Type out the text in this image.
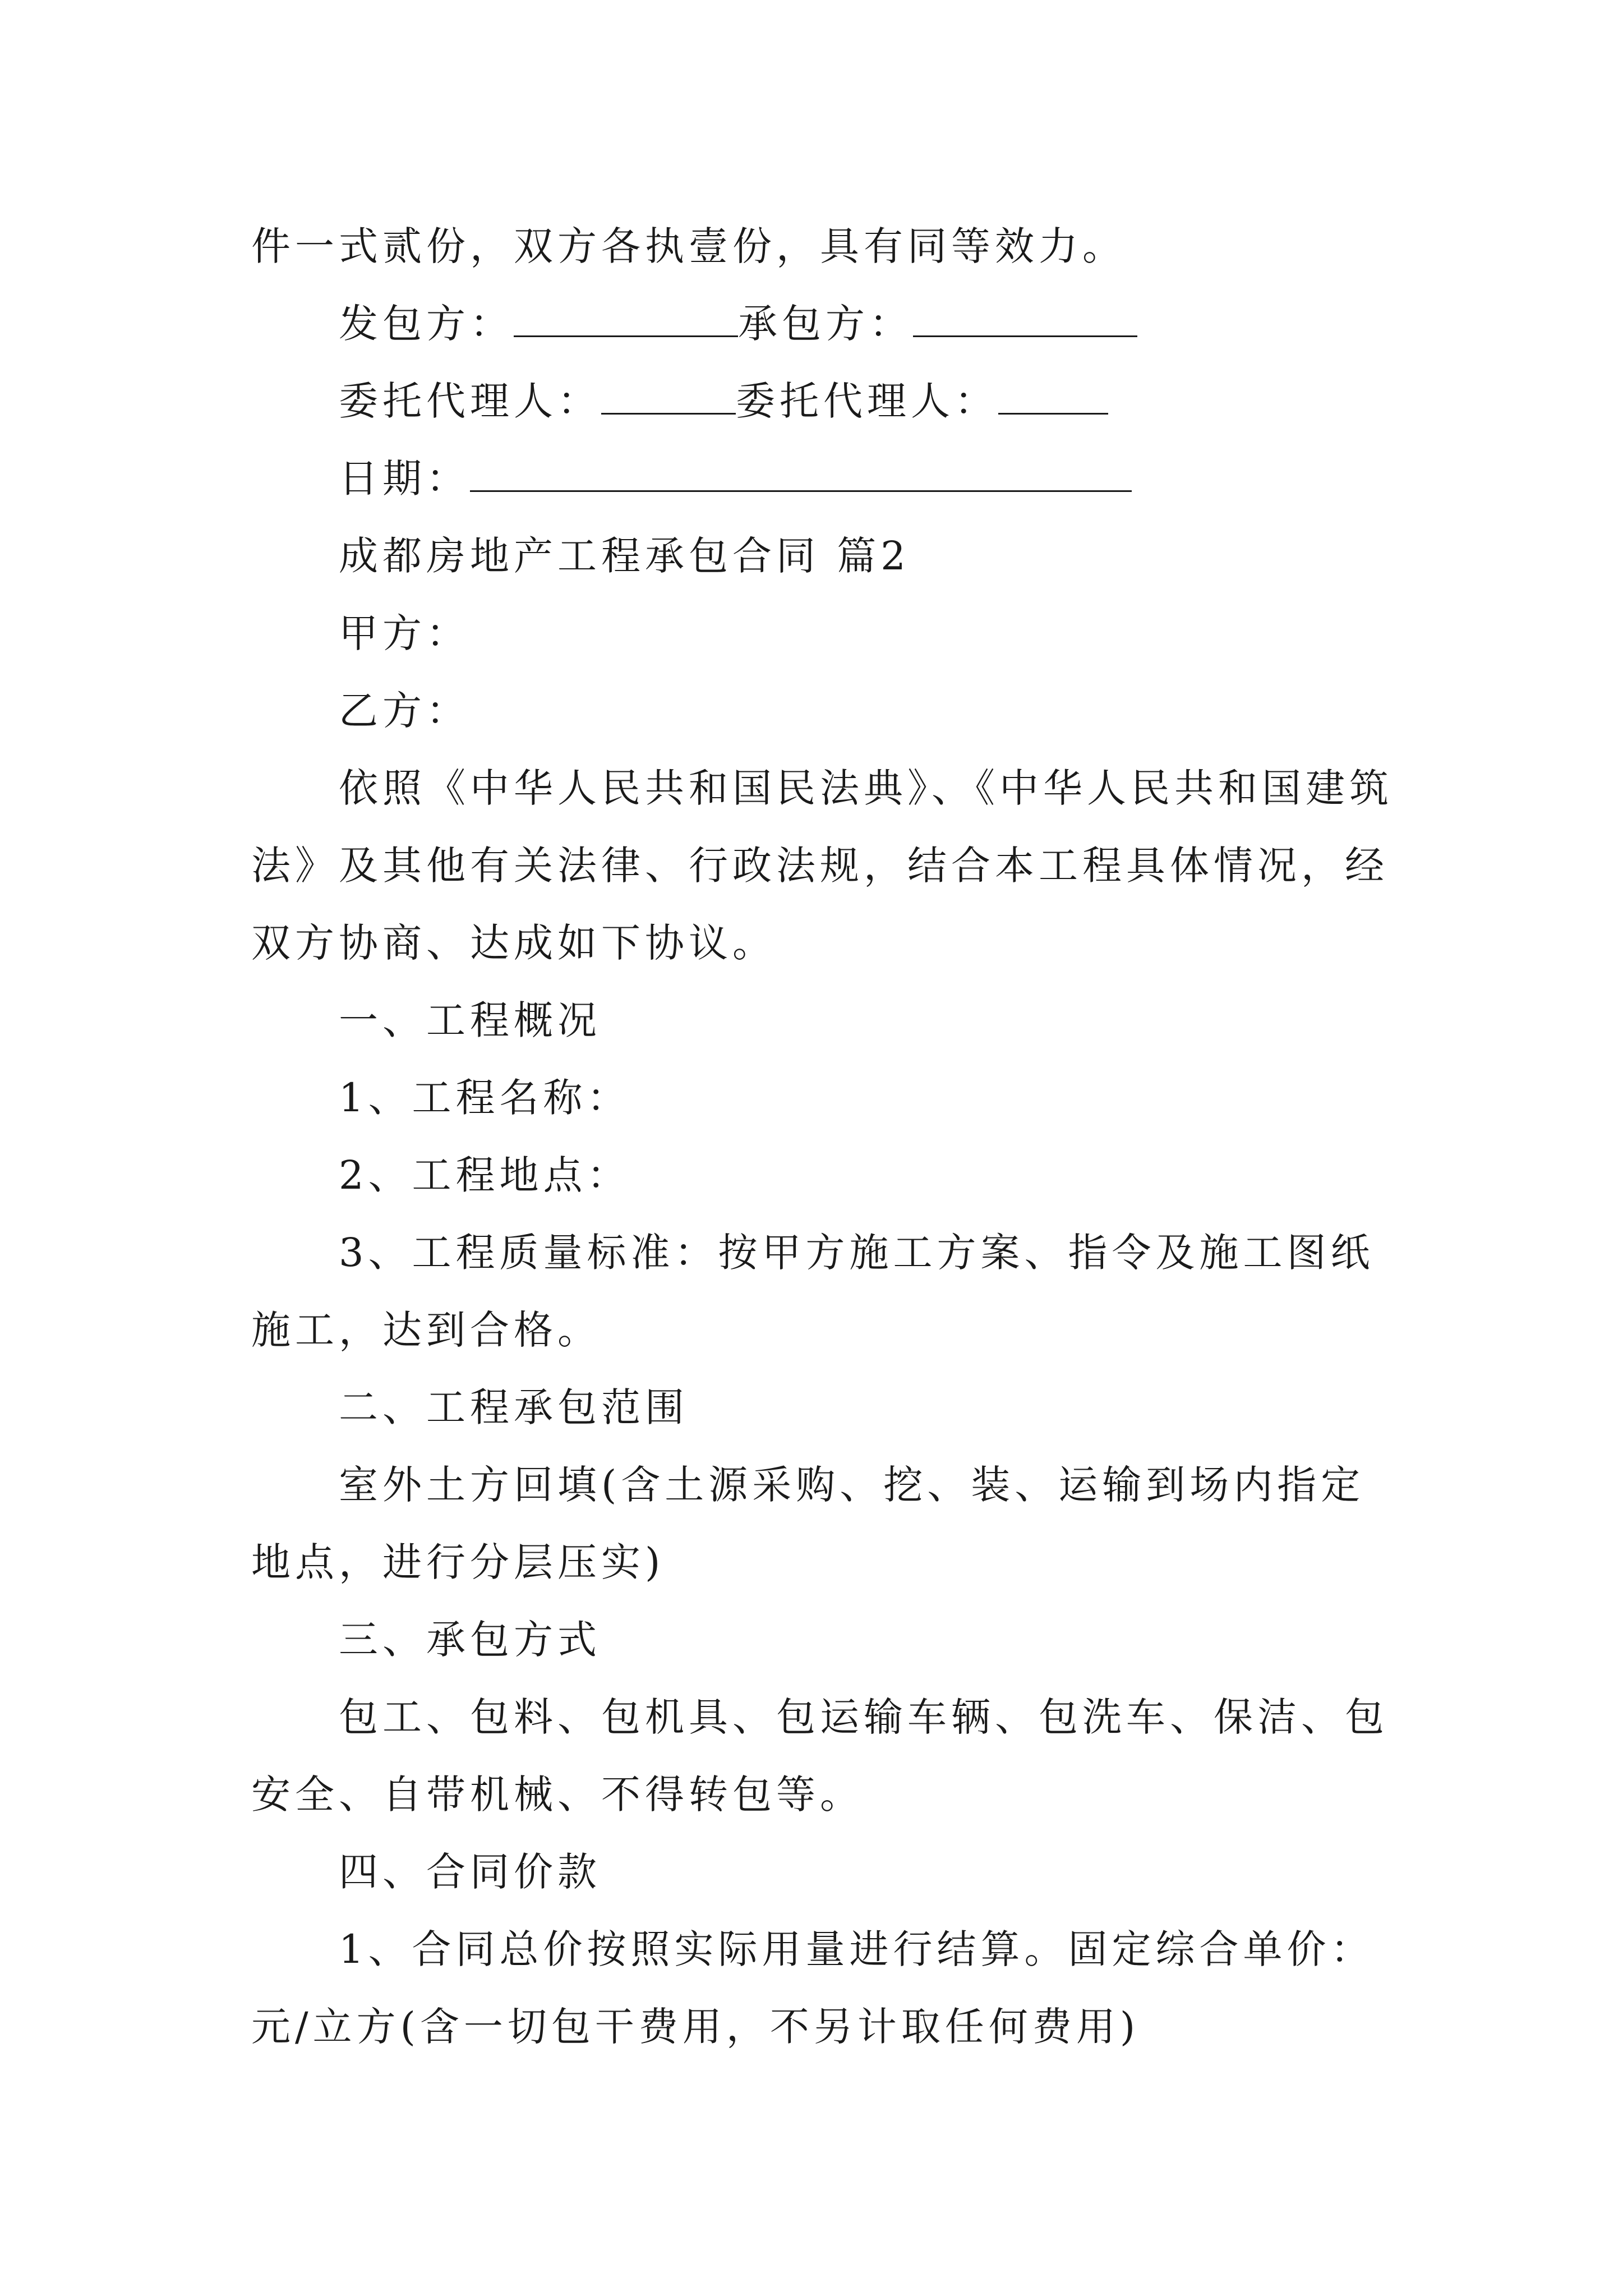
件一式贰份，双方各执壹份，具有同等效力。
发包方：	承包方：
委托代理人：	委托代理人：
日期：
成都房地产工程承包合同 篇2
甲方：
乙方：
依照《中华人民共和国民法典》、《中华人民共和国建筑
法》及其他有关法律、行政法规，结合本工程具体情况，经
双方协商、达成如下协议。
一、工程概况
1、工程名称：
2、工程地点：
3、工程质量标准：按甲方施工方案、指令及施工图纸
施工，达到合格。
二、工程承包范围
室外土方回填(含土源采购、挖、装、运输到场内指定
地点，进行分层压实)
三、承包方式
包工、包料、包机具、包运输车辆、包洗车、保洁、包
安全、自带机械、不得转包等。
四、合同价款
1、合同总价按照实际用量进行结算。固定综合单价：
元/立方(含一切包干费用，不另计取任何费用)
